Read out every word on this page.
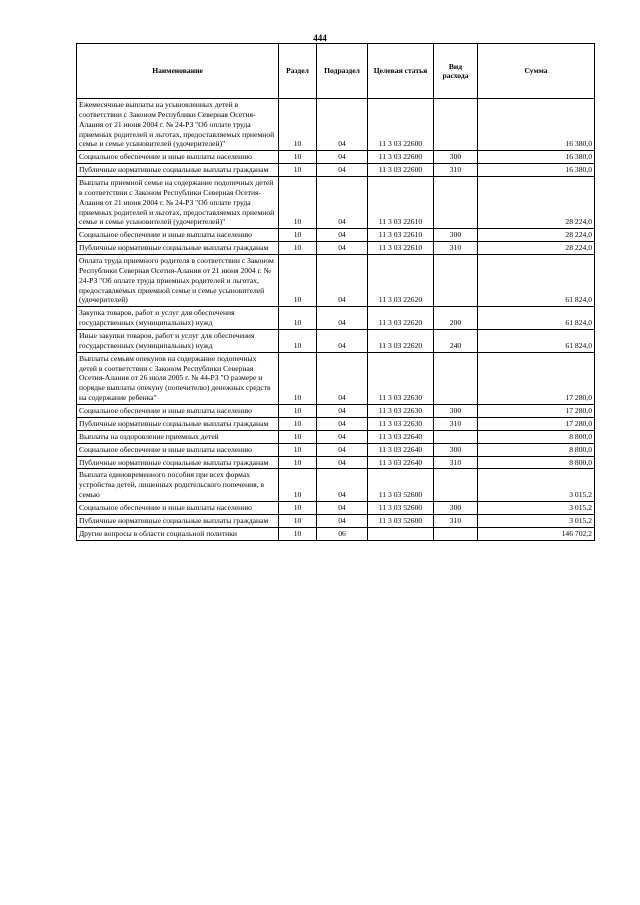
444
Наименование	Раздел	Подраздел	Целевая статья	Вид расхода	Сумма
Ежемесячные выплаты на усыновленных детей в соответствии с Законом Республики Северная Осетия-Алания от 21 июня 2004 г. № 24-РЗ "Об оплате труда приемных родителей и льготах, предоставляемых приемной семье и семье усыновителей (удочерителей)"	10	04	11 3 03 22600		16 380,0
Социальное обеспечение и иные выплаты населению	10	04	11 3 03 22600	300	16 380,0
Публичные нормативные социальные выплаты гражданам	10	04	11 3 03 22600	310	16 380,0
Выплаты приемной семье на содержание подопечных детей в соответствии с Законом Республики Северная Осетия-Алания от 21 июня 2004 г. № 24-РЗ "Об оплате труда приемных родителей и льготах, предоставляемых приемной семье и семье усыновителей (удочерителей)"	10	04	11 3 03 22610		28 224,0
Социальное обеспечение и иные выплаты населению	10	04	11 3 03 22610	300	28 224,0
Публичные нормативные социальные выплаты гражданам	10	04	11 3 03 22610	310	28 224,0
Оплата труда приемного родителя в соответствии с Законом Республики Северная Осетия-Алания от 21 июня 2004 г. № 24-РЗ "Об оплате труда приемных родителей и льготах, предоставляемых приемной семье и семье усыновителей (удочерителей)	10	04	11 3 03 22620		61 824,0
Закупка товаров, работ и услуг для обеспечения государственных (муниципальных) нужд	10	04	11 3 03 22620	200	61 824,0
Иные закупки товаров, работ и услуг для обеспечения государственных (муниципальных) нужд	10	04	11 3 03 22620	240	61 824,0
Выплаты семьям опекунов на содержание подопечных детей в соответствии с Законом Республики Северная Осетия-Алания от 26 июля 2005 г. № 44-РЗ "О размере и порядке выплаты опекуну (попечителю) денежных средств на содержание ребенка"	10	04	11 3 03 22630		17 280,0
Социальное обеспечение и иные выплаты населению	10	04	11 3 03 22630	300	17 280,0
Публичные нормативные социальные выплаты гражданам	10	04	11 3 03 22630	310	17 280,0
Выплаты на оздоровление приемных детей	10	04	11 3 03 22640		8 800,0
Социальное обеспечение и иные выплаты населению	10	04	11 3 03 22640	300	8 800,0
Публичные нормативные социальные выплаты гражданам	10	04	11 3 03 22640	310	8 800,0
Выплата единовременного пособия при всех формах устройства детей, лишенных родительского попечения, в семью	10	04	11 3 03 52600		3 015,2
Социальное обеспечение и иные выплаты населению	10	04	11 3 03 52600	300	3 015,2
Публичные нормативные социальные выплаты гражданам	10	04	11 3 03 52600	310	3 015,2
Другие вопросы в области социальной политики	10	06			146 702,2
